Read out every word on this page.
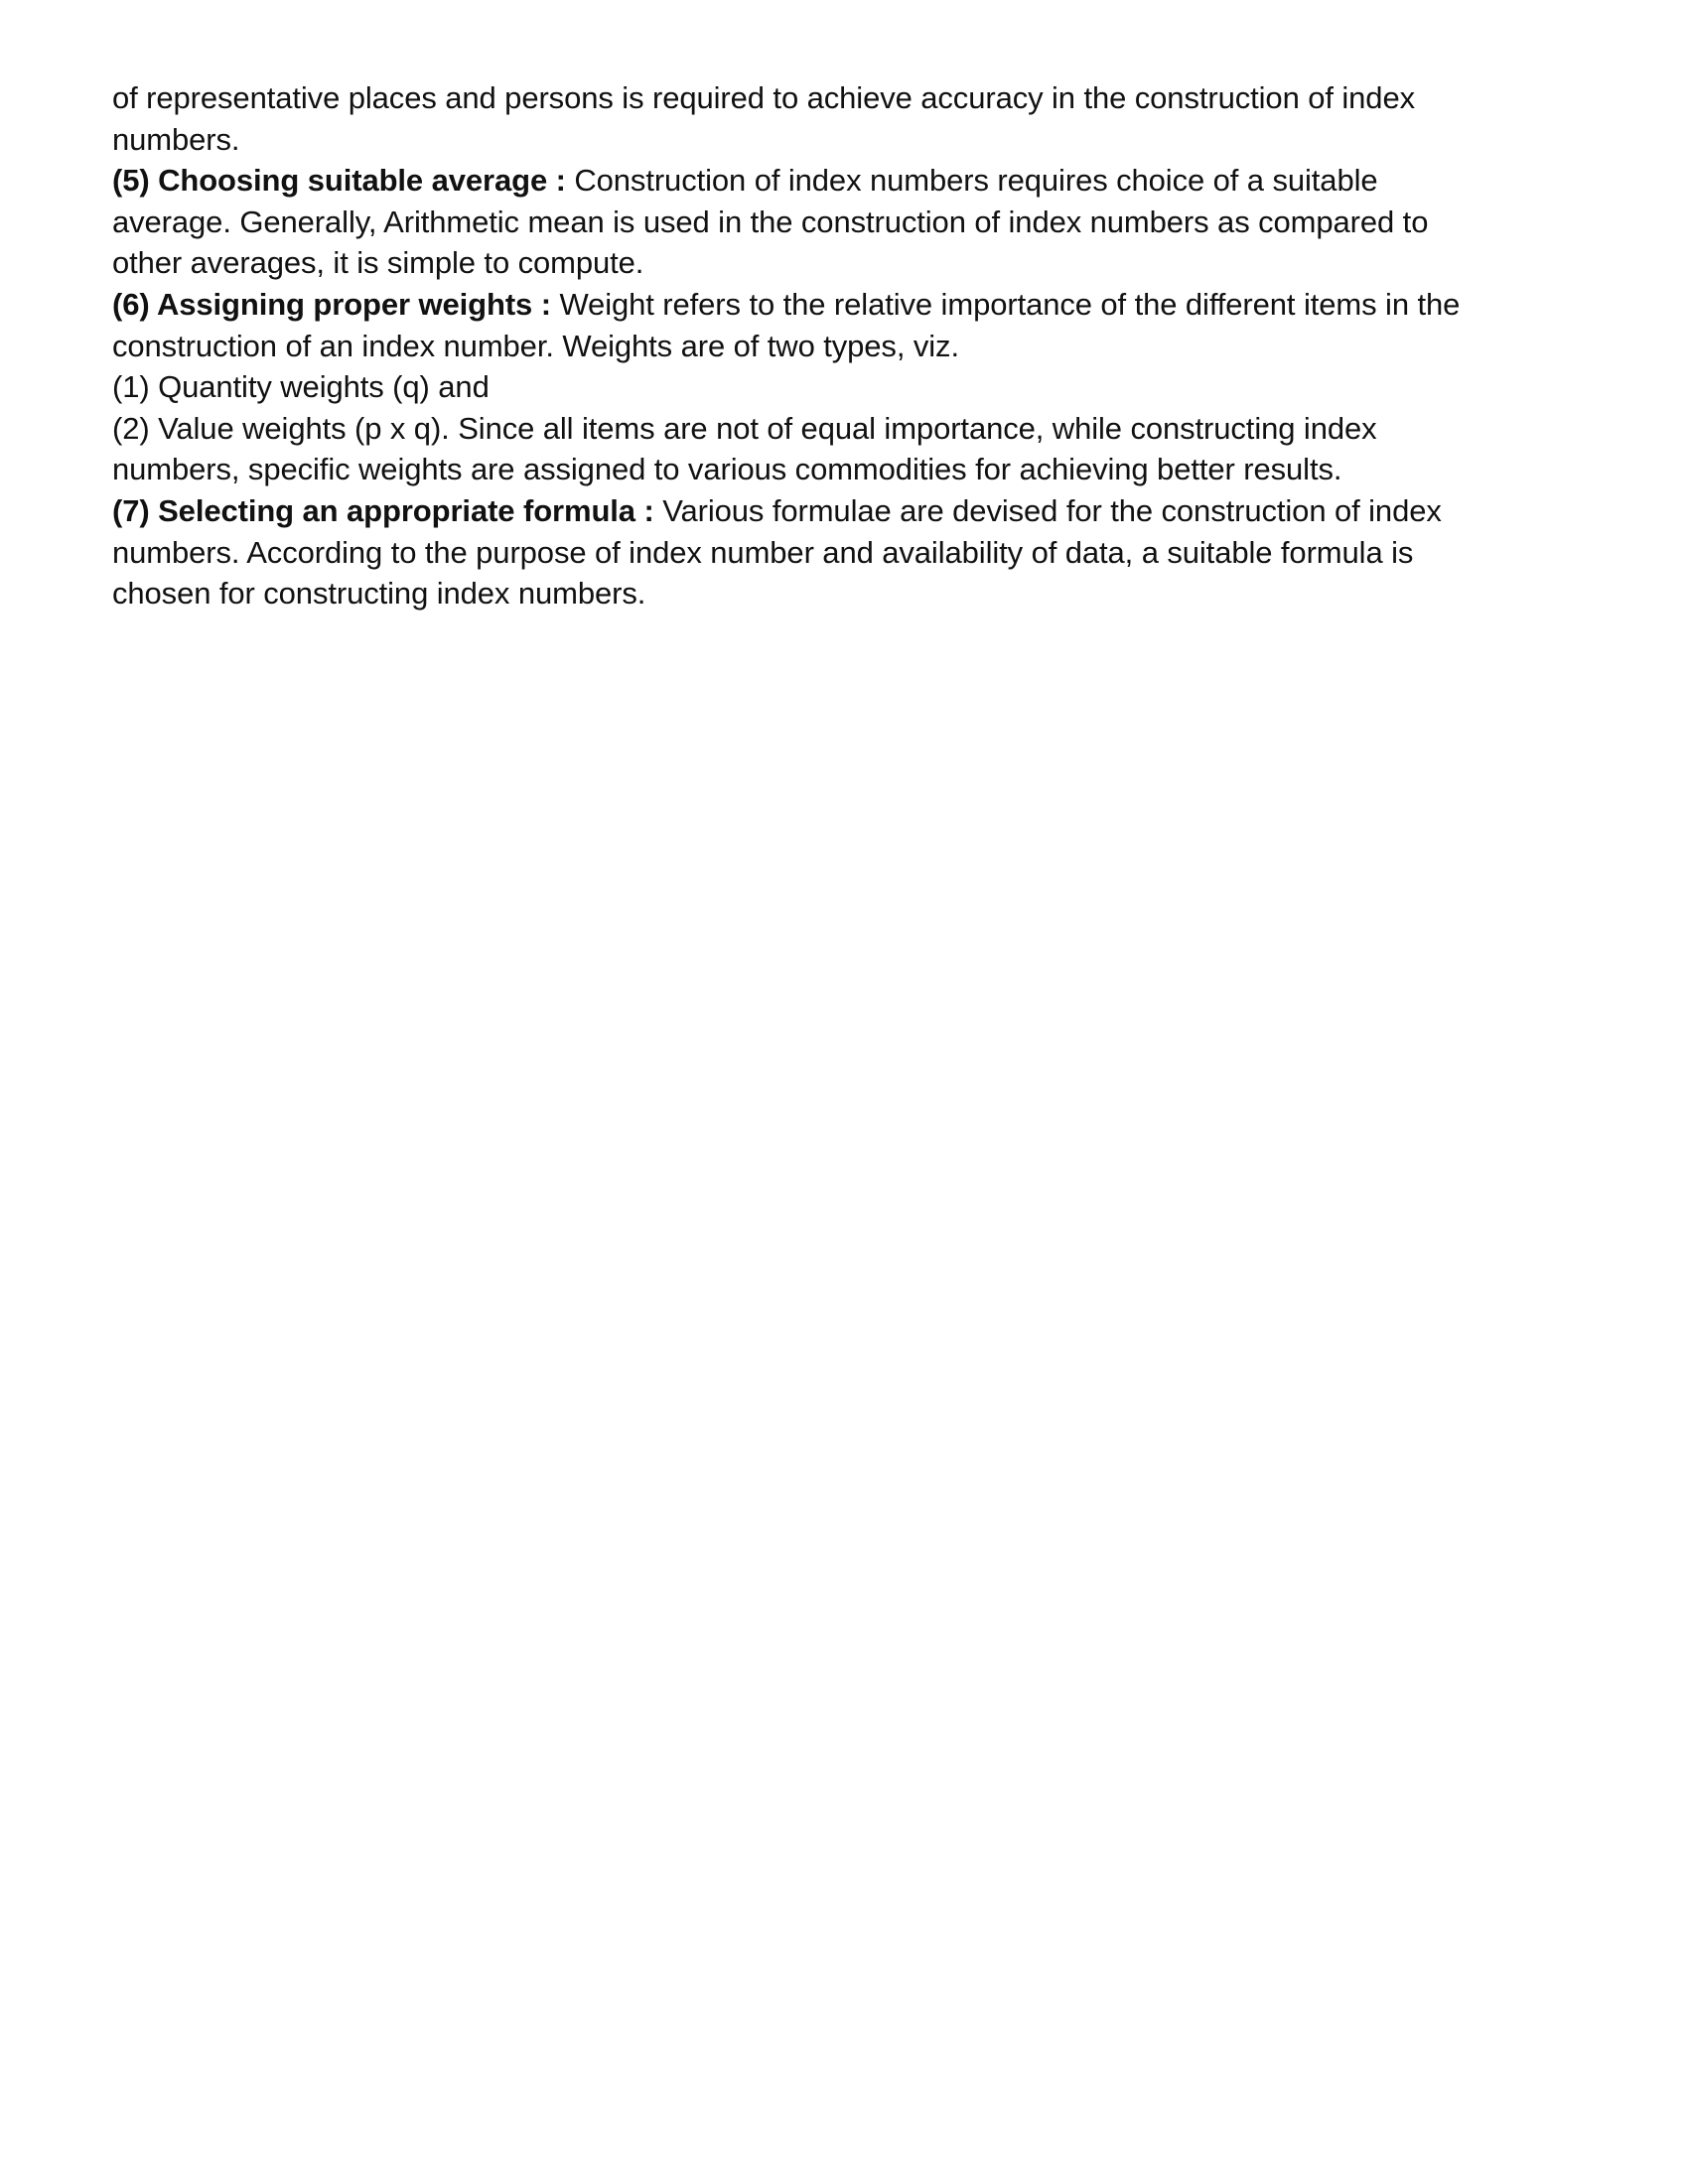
of representative places and persons is required to achieve accuracy in the construction of index
numbers.
(5) Choosing suitable average : Construction of index numbers requires choice of a suitable
average. Generally, Arithmetic mean is used in the construction of index numbers as compared to
other averages, it is simple to compute.
(6) Assigning proper weights : Weight refers to the relative importance of the different items in the
construction of an index number. Weights are of two types, viz.
(1) Quantity weights (q) and
(2) Value weights (p x q). Since all items are not of equal importance, while constructing index
numbers, specific weights are assigned to various commodities for achieving better results.
(7) Selecting an appropriate formula : Various formulae are devised for the construction of index
numbers. According to the purpose of index number and availability of data, a suitable formula is
chosen for constructing index numbers.
